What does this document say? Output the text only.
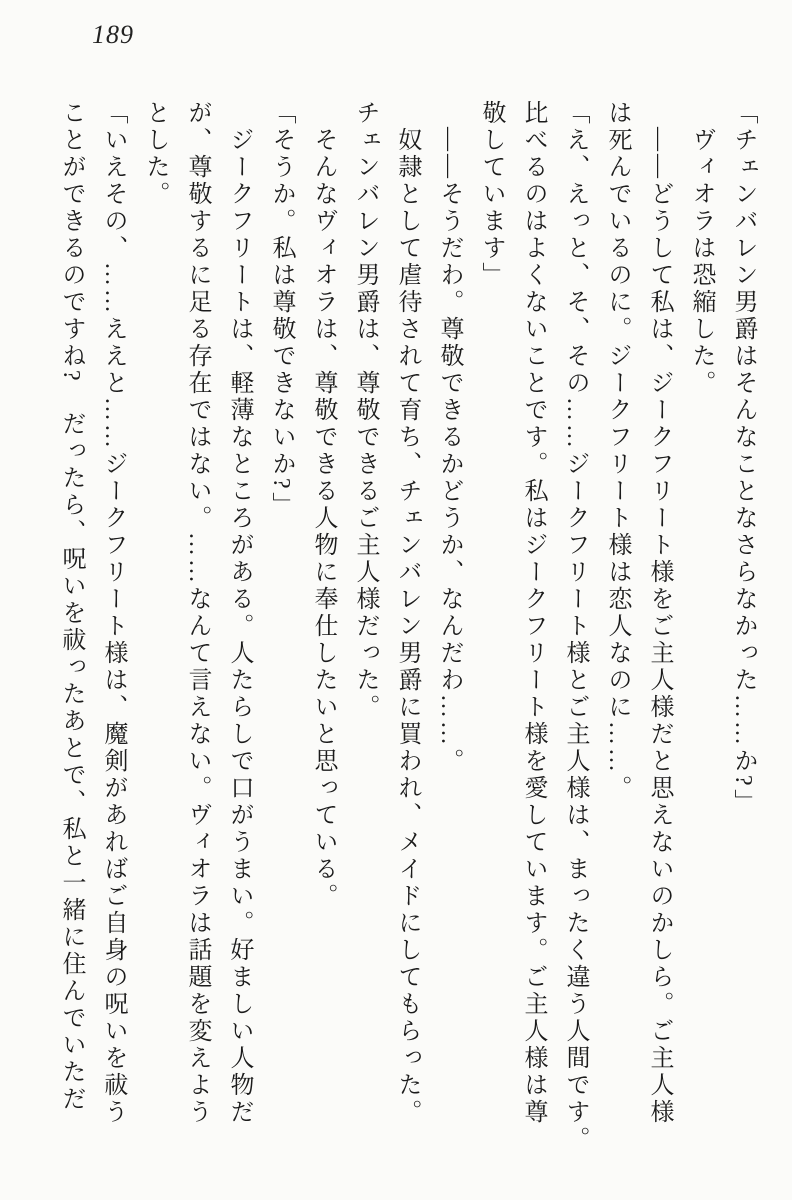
189
「チェンバレン男爵はそんなことなさらなかった……か?」
ヴィオラは恐縮した。
――どうして私は、ジークフリート様をご主人様だと思えないのかしら。ご主人様
は死んでいるのに。ジークフリート様は恋人なのに……。
「え、えっと、そ、その……ジークフリート様とご主人様は、まったく違う人間です。
比べるのはよくないことです。私はジークフリート様を愛しています。ご主人様は尊
敬しています」
――そうだわ。尊敬できるかどうか、なんだわ……。
奴隷として虐待されて育ち、チェンバレン男爵に買われ、メイドにしてもらった。
チェンバレン男爵は、尊敬できるご主人様だった。
そんなヴィオラは、尊敬できる人物に奉仕したいと思っている。
「そうか。私は尊敬できないか?」
ジークフリートは、軽薄なところがある。人たらしで口がうまい。好ましい人物だ
が、尊敬するに足る存在ではない。……なんて言えない。ヴィオラは話題を変えよう
とした。
「いえその、……ええと……ジークフリート様は、魔剣があればご自身の呪いを祓う
ことができるのですね?　だったら、呪いを祓ったあとで、私と一緒に住んでいただ
